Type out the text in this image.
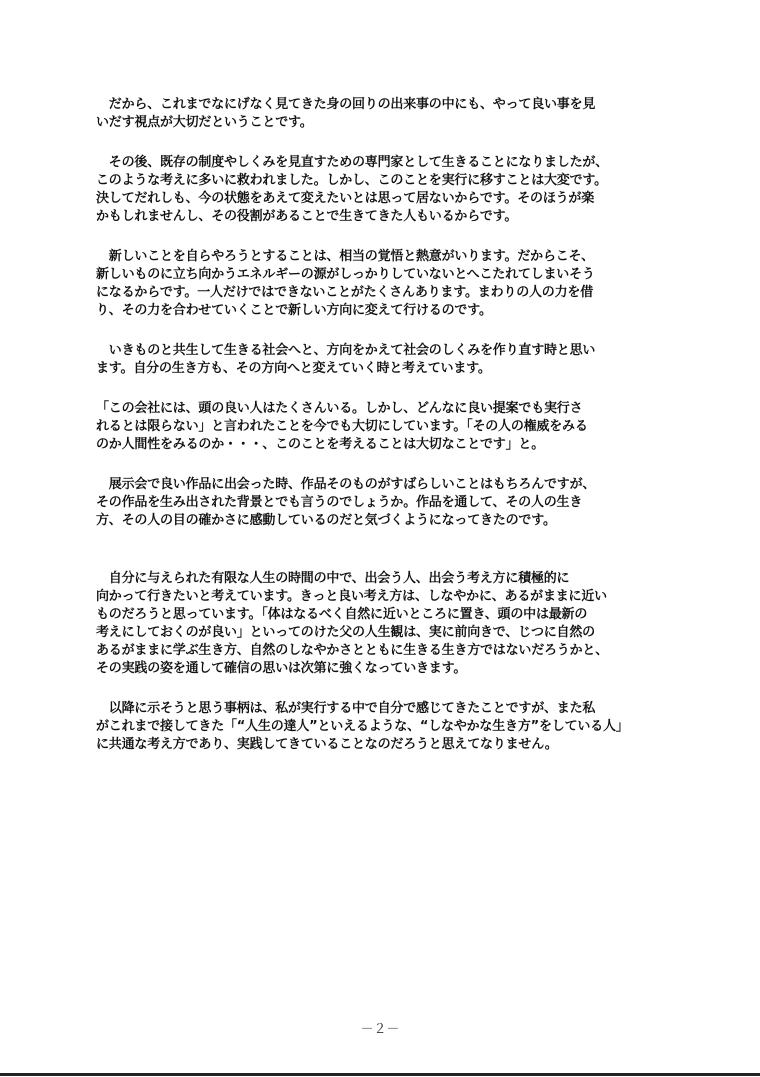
　だから、これまでなにげなく見てきた身の回りの出来事の中にも、やって良い事を見
いだす視点が大切だということです。

　その後、既存の制度やしくみを見直すための専門家として生きることになりましたが、
このような考えに多いに救われました。しかし、このことを実行に移すことは大変です。
決してだれしも、今の状態をあえて変えたいとは思って居ないからです。そのほうが楽
かもしれませんし、その役割があることで生きてきた人もいるからです。

　新しいことを自らやろうとすることは、相当の覚悟と熱意がいります。だからこそ、
新しいものに立ち向かうエネルギーの源がしっかりしていないとへこたれてしまいそう
になるからです。一人だけではできないことがたくさんあります。まわりの人の力を借
り、その力を合わせていくことで新しい方向に変えて行けるのです。

　いきものと共生して生きる社会へと、方向をかえて社会のしくみを作り直す時と思い
ます。自分の生き方も、その方向へと変えていく時と考えています。

「この会社には、頭の良い人はたくさんいる。しかし、どんなに良い提案でも実行さ
れるとは限らない」と言われたことを今でも大切にしています。「その人の権威をみる
のか人間性をみるのか・・・、このことを考えることは大切なことです」と。

　展示会で良い作品に出会った時、作品そのものがすばらしいことはもちろんですが、
その作品を生み出された背景とでも言うのでしょうか。作品を通して、その人の生き
方、その人の目の確かさに感動しているのだと気づくようになってきたのです。

　自分に与えられた有限な人生の時間の中で、出会う人、出会う考え方に積極的に
向かって行きたいと考えています。きっと良い考え方は、しなやかに、あるがままに近い
ものだろうと思っています。「体はなるべく自然に近いところに置き、頭の中は最新の
考えにしておくのが良い」といってのけた父の人生観は、実に前向きで、じつに自然の
あるがままに学ぶ生き方、自然のしなやかさとともに生きる生き方ではないだろうかと、
その実践の姿を通して確信の思いは次第に強くなっていきます。

　以降に示そうと思う事柄は、私が実行する中で自分で感じてきたことですが、また私
がこれまで接してきた「“人生の達人”といえるような、“しなやかな生き方”をしている人」
に共通な考え方であり、実践してきていることなのだろうと思えてなりません。

－２－
